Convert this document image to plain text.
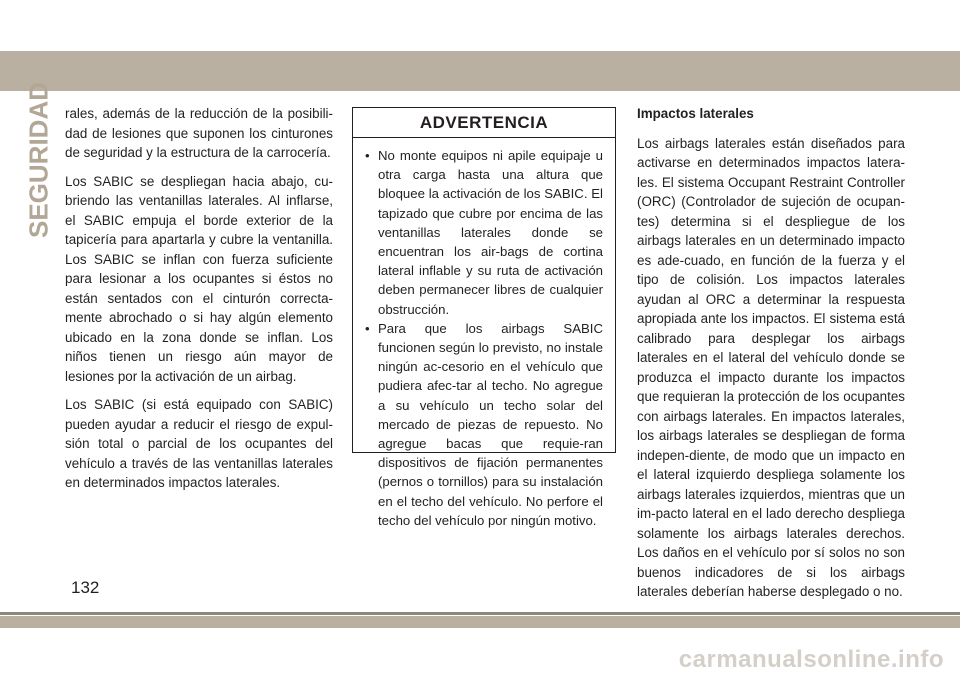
SEGURIDAD rales, además de la reducción de la posibili-dad de lesiones que suponen los cinturones de seguridad y la estructura de la carrocería.

Los SABIC se despliegan hacia abajo, cu-briendo las ventanillas laterales. Al inflarse, el SABIC empuja el borde exterior de la tapicería para apartarla y cubre la ventanilla. Los SABIC se inflan con fuerza suficiente para lesionar a los ocupantes si éstos no están sentados con el cinturón correcta-mente abrochado o si hay algún elemento ubicado en la zona donde se inflan. Los niños tienen un riesgo aún mayor de lesiones por la activación de un airbag.

Los SABIC (si está equipado con SABIC) pueden ayudar a reducir el riesgo de expul-sión total o parcial de los ocupantes del vehículo a través de las ventanillas laterales en determinados impactos laterales.

ADVERTENCIA
• No monte equipos ni apile equipaje u otra carga hasta una altura que bloquee la activación de los SABIC. El tapizado que cubre por encima de las ventanillas laterales donde se encuentran los air-bags de cortina lateral inflable y su ruta de activación deben permanecer libres de cualquier obstrucción.
• Para que los airbags SABIC funcionen según lo previsto, no instale ningún ac-cesorio en el vehículo que pudiera afec-tar al techo. No agregue a su vehículo un techo solar del mercado de piezas de repuesto. No agregue bacas que requie-ran dispositivos de fijación permanentes (pernos o tornillos) para su instalación en el techo del vehículo. No perfore el techo del vehículo por ningún motivo.

Impactos laterales

Los airbags laterales están diseñados para activarse en determinados impactos latera-les. El sistema Occupant Restraint Controller (ORC) (Controlador de sujeción de ocupan-tes) determina si el despliegue de los airbags laterales en un determinado impacto es ade-cuado, en función de la fuerza y el tipo de colisión. Los impactos laterales ayudan al ORC a determinar la respuesta apropiada ante los impactos. El sistema está calibrado para desplegar los airbags laterales en el lateral del vehículo donde se produzca el impacto durante los impactos que requieran la protección de los ocupantes con airbags laterales. En impactos laterales, los airbags laterales se despliegan de forma indepen-diente, de modo que un impacto en el lateral izquierdo despliega solamente los airbags laterales izquierdos, mientras que un im-pacto lateral en el lado derecho despliega solamente los airbags laterales derechos. Los daños en el vehículo por sí solos no son buenos indicadores de si los airbags laterales deberían haberse desplegado o no.

132
carmanualsonline.info
